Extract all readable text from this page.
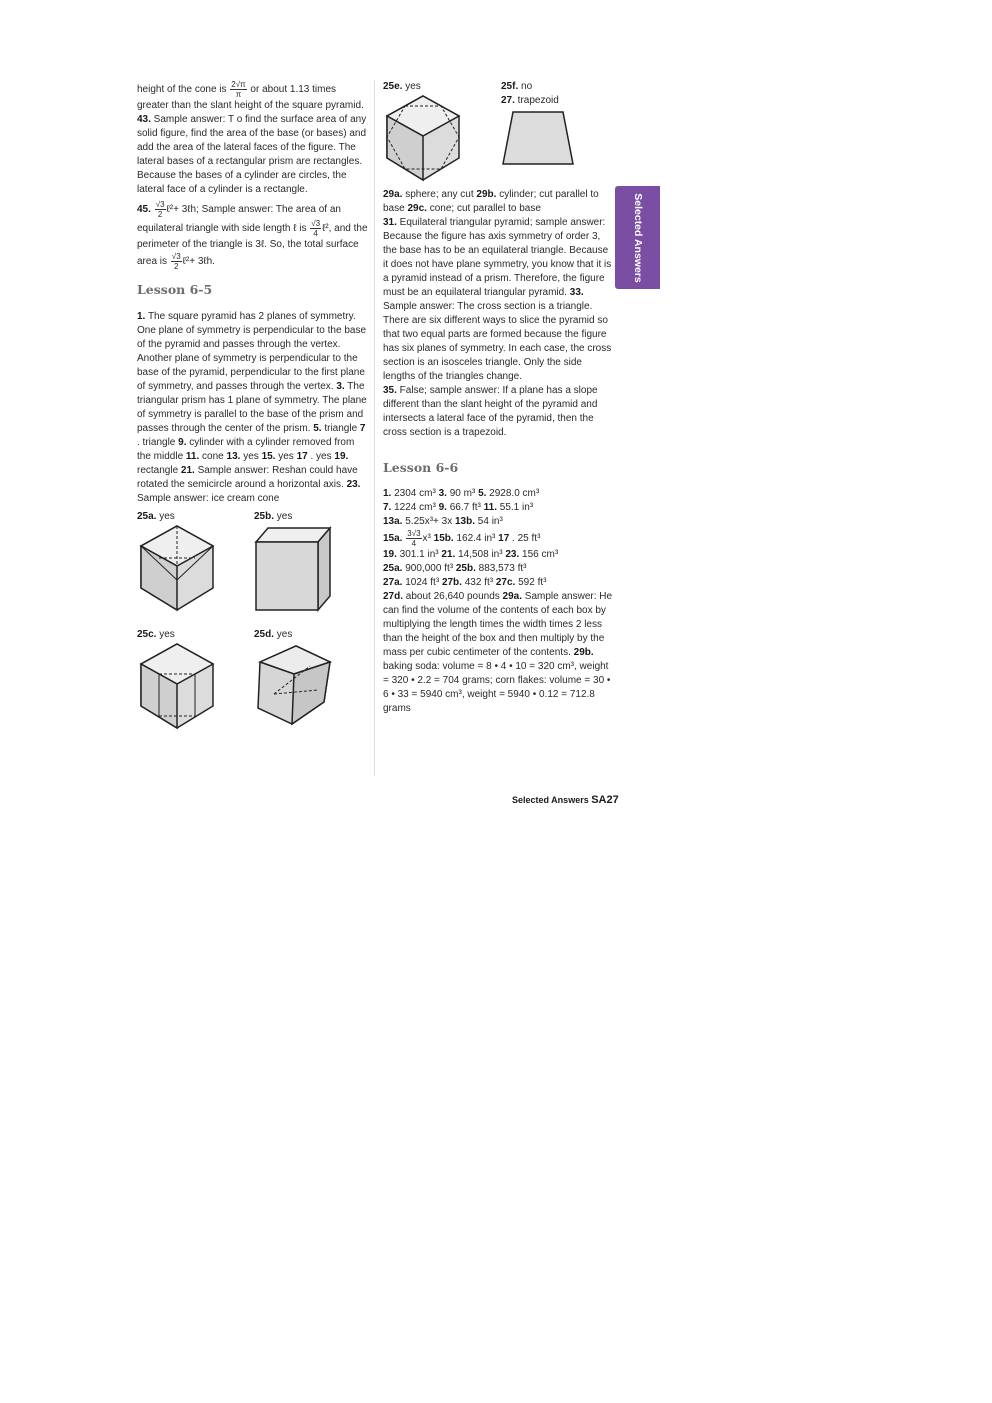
Selected Answers

height of the cone is $\frac{2√\pi}{\pi}$ or about 1.13 times greater than the slant height of the square pyramid. 43. Sample answer: T o find the surface area of any solid figure, find the area of the base (or bases) and add the area of the lateral faces of the figure. The lateral bases of a rectangular prism are rectangles. Because the bases of a cylinder are circles, the lateral face of a cylinder is a rectangle.

45. $\frac{√3}{2}$ ℓ²+ 3ℓh; Sample answer: The area of an equilateral triangle with side length ℓ is $\frac{√3}{4}$ ℓ², and the perimeter of the triangle is 3ℓ. So, the total surface area is $\frac{√3}{2}$ ℓ²+ 3ℓh.

Lesson 6-5

1. The square pyramid has 2 planes of symmetry. One plane of symmetry is perpendicular to the base of the pyramid and passes through the vertex. Another plane of symmetry is perpendicular to the base of the pyramid, perpendicular to the first plane of symmetry, and passes through the vertex. 3. The triangular prism has 1 plane of symmetry. The plane of symmetry is parallel to the base of the prism and passes through the center of the prism. 5. triangle 7 . triangle 9. cylinder with a cylinder removed from the middle 11. cone 13. yes 15. yes 17 . yes 19. rectangle 21. Sample answer: Reshan could have rotated the semicircle around a horizontal axis. 23. Sample answer: ice cream cone

25a. yes	25b. yes
25c. yes	25d. yes
25e. yes	25f. no
27. trapezoid

29a. sphere; any cut 29b. cylinder; cut parallel to base 29c. cone; cut parallel to base
31. Equilateral triangular pyramid; sample answer: Because the figure has axis symmetry of order 3, the base has to be an equilateral triangle. Because it does not have plane symmetry, you know that it is a pyramid instead of a prism. Therefore, the figure must be an equilateral triangular pyramid. 33. Sample answer: The cross section is a triangle. There are six different ways to slice the pyramid so that two equal parts are formed because the figure has six planes of symmetry. In each case, the cross section is an isosceles triangle. Only the side lengths of the triangles change.
35. False; sample answer: If a plane has a slope different than the slant height of the pyramid and intersects a lateral face of the pyramid, then the cross section is a trapezoid.

Lesson 6-6
1. 2304 cm³ 3. 90 m³ 5. 2928.0 cm³
7. 1224 cm³ 9. 66.7 ft³ 11. 55.1 in³
13a. 5.25x³+ 3x 13b. 54 in³
15a. $\frac{3√3}{4} x^3$ 15b. 162.4 in³ 17 . 25 ft³
19. 301.1 in³ 21. 14,508 in³ 23. 156 cm³
25a. 900,000 ft³ 25b. 883,573 ft³
27a. 1024 ft³ 27b. 432 ft³ 27c. 592 ft³

27d. about 26,640 pounds 29a. Sample answer: He can find the volume of the contents of each box by multiplying the length times the width times 2 less than the height of the box and then multiply by the mass per cubic centimeter of the contents. 29b. baking soda: volume = 8 • 4 • 10 = 320 cm³, weight = 320 • 2.2 = 704 grams; corn flakes: volume = 30 • 6 • 33 = 5940 cm³, weight = 5940 • 0.12 = 712.8 grams

Selected Answers SA27
